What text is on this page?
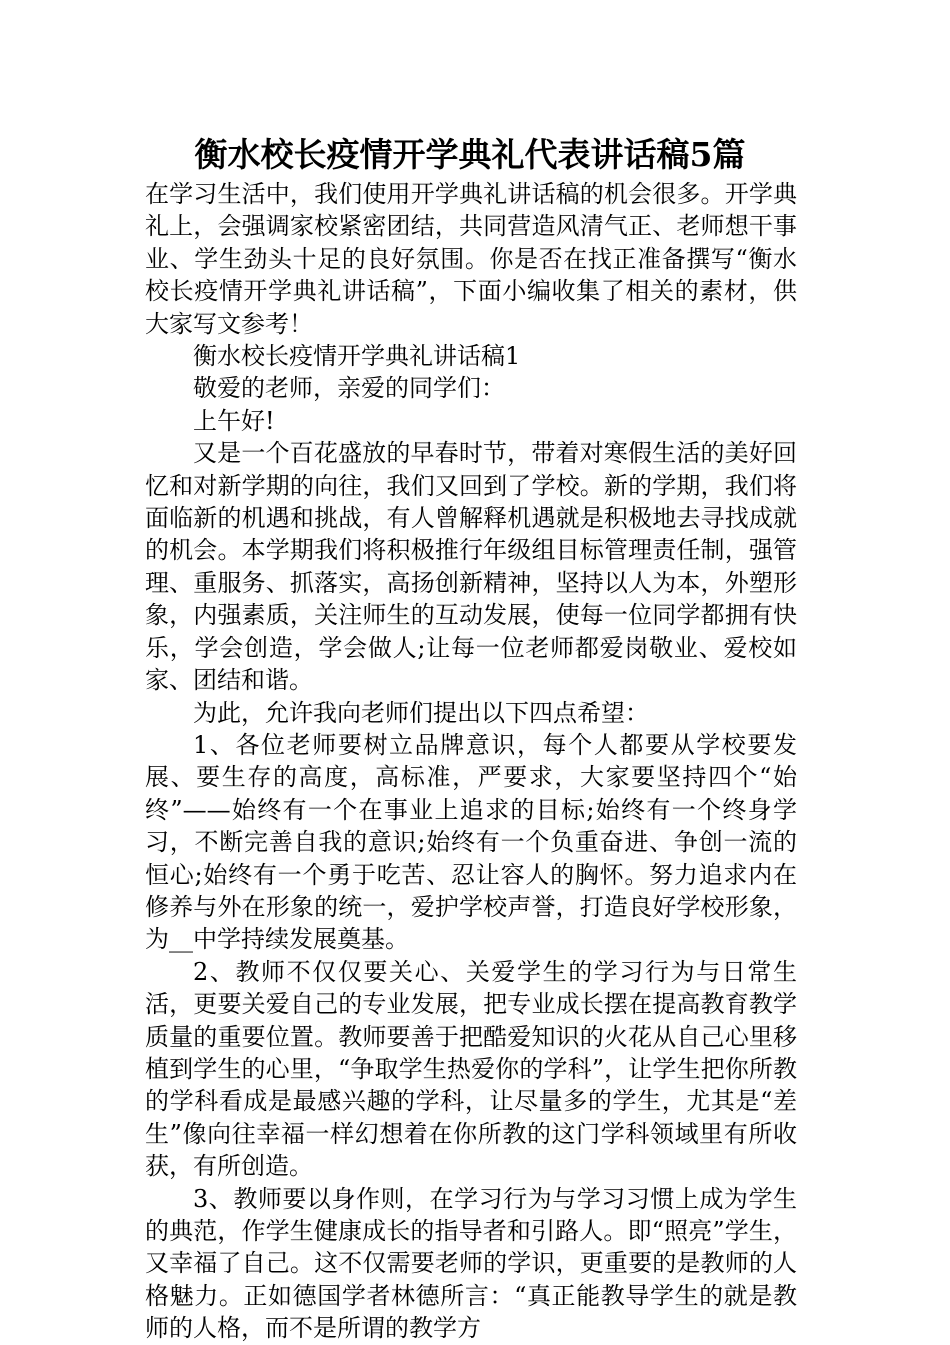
衡水校长疫情开学典礼代表讲话稿5篇

在学习生活中，我们使用开学典礼讲话稿的机会很多。开学典礼上，会强调家校紧密团结，共同营造风清气正、老师想干事业、学生劲头十足的良好氛围。你是否在找正准备撰写“衡水校长疫情开学典礼讲话稿”，下面小编收集了相关的素材，供大家写文参考！

衡水校长疫情开学典礼讲话稿1

敬爱的老师，亲爱的同学们：

上午好!

又是一个百花盛放的早春时节，带着对寒假生活的美好回忆和对新学期的向往，我们又回到了学校。新的学期，我们将面临新的机遇和挑战，有人曾解释机遇就是积极地去寻找成就的机会。本学期我们将积极推行年级组目标管理责任制，强管理、重服务、抓落实，高扬创新精神，坚持以人为本，外塑形象，内强素质，关注师生的互动发展，使每一位同学都拥有快乐，学会创造，学会做人;让每一位老师都爱岗敬业、爱校如家、团结和谐。

为此，允许我向老师们提出以下四点希望：

1、各位老师要树立品牌意识，每个人都要从学校要发展、要生存的高度，高标准，严要求，大家要坚持四个“始终”——始终有一个在事业上追求的目标;始终有一个终身学习，不断完善自我的意识;始终有一个负重奋进、争创一流的恒心;始终有一个勇于吃苦、忍让容人的胸怀。努力追求内在修养与外在形象的统一，爱护学校声誉，打造良好学校形象，为__中学持续发展奠基。

2、教师不仅仅要关心、关爱学生的学习行为与日常生活，更要关爱自己的专业发展，把专业成长摆在提高教育教学质量的重要位置。教师要善于把酷爱知识的火花从自己心里移植到学生的心里，“争取学生热爱你的学科”，让学生把你所教的学科看成是最感兴趣的学科，让尽量多的学生，尤其是“差生”像向往幸福一样幻想着在你所教的这门学科领域里有所收获，有所创造。

3、教师要以身作则，在学习行为与学习习惯上成为学生的典范，作学生健康成长的指导者和引路人。即“照亮”学生，又幸福了自己。这不仅需要老师的学识，更重要的是教师的人格魅力。正如德国学者林德所言：“真正能教导学生的就是教师的人格，而不是所谓的教学方
